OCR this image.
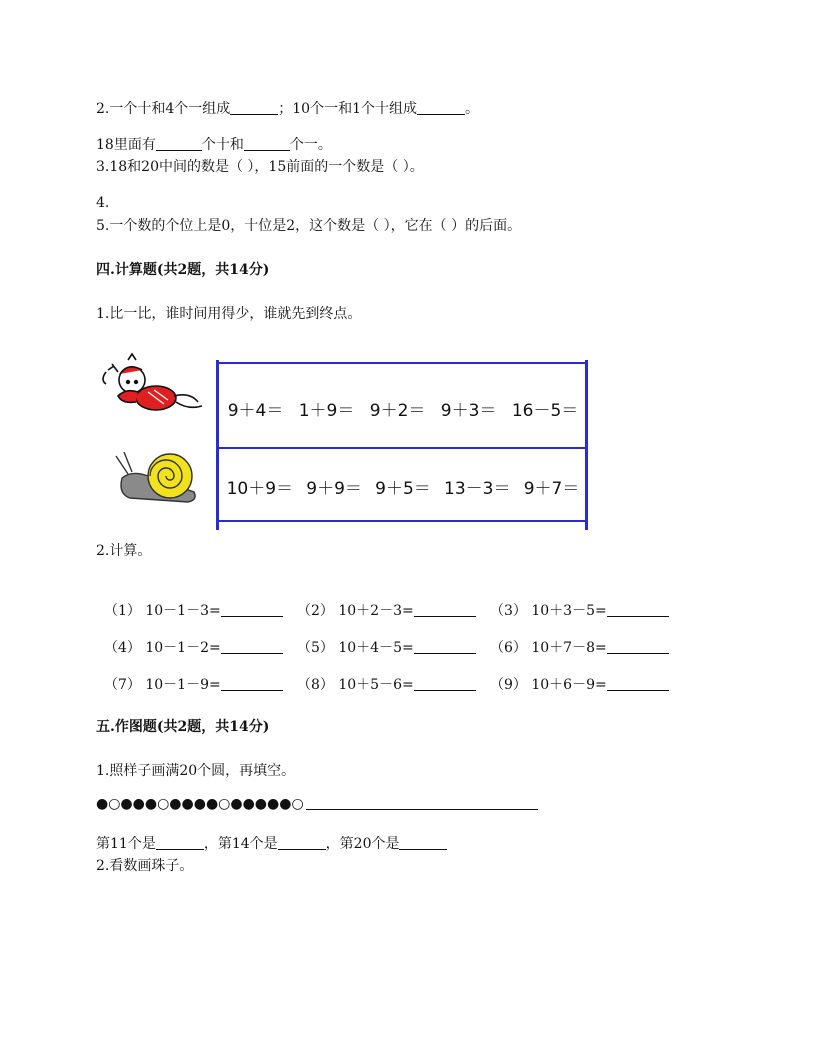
2.一个十和4个一组成	；10个一和1个十组成	。
18里面有	个十和	个一。
3.18和20中间的数是（ ），15前面的一个数是（ ）。
4.
5.一个数的个位上是0，十位是2，这个数是（ ），它在（ ）的后面。
四.计算题(共2题，共14分)
1.比一比，谁时间用得少，谁就先到终点。
9＋4＝ 1＋9＝ 9＋2＝ 9＋3＝ 16－5＝
10＋9＝ 9＋9＝ 9＋5＝ 13－3＝ 9＋7＝
2.计算。
（1） 10－1－3=	（2） 10＋2－3=	（3） 10＋3－5=
（4） 10－1－2=	（5） 10＋4－5=	（6） 10＋7－8=
（7） 10－1－9=	（8） 10＋5－6=	（9） 10＋6－9=
五.作图题(共2题，共14分)
1.照样子画满20个圆，再填空。
●○●●●○●●●●○●●●●●○
第11个是	，第14个是	，第20个是
2.看数画珠子。
